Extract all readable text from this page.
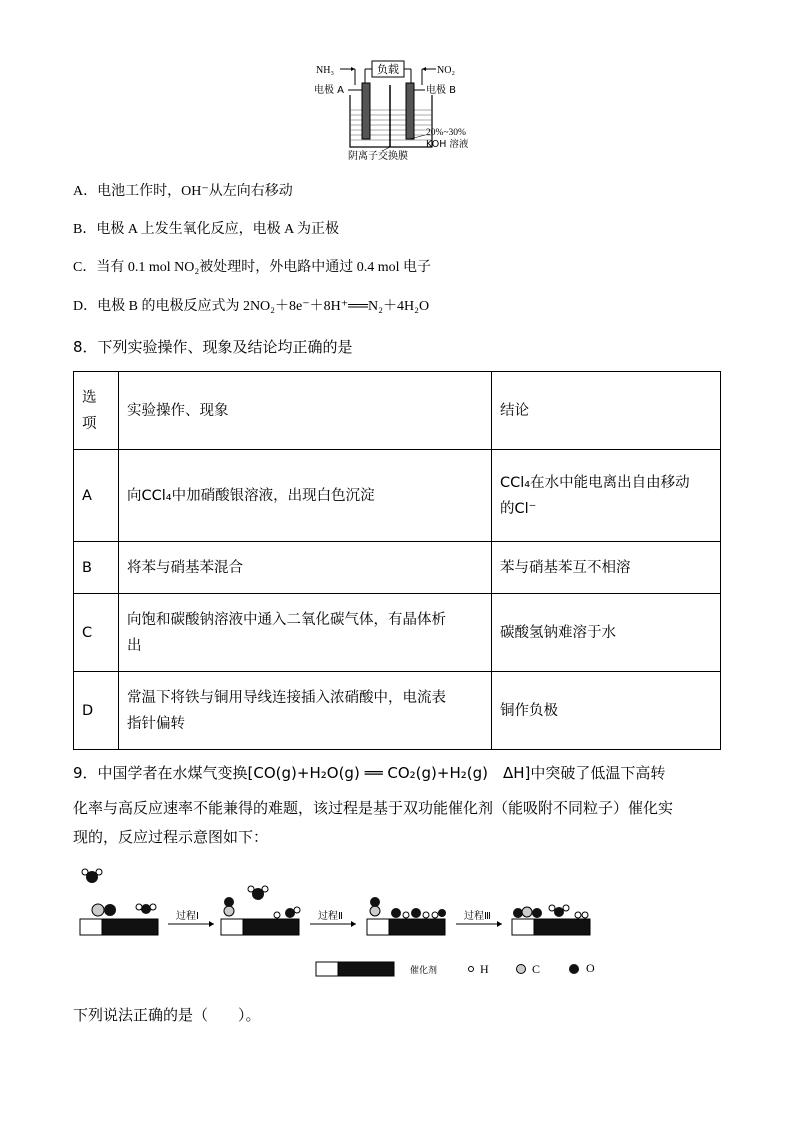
负载
NH₃	NO₂
电极 A	电极 B
20%~30%
KOH 溶液
阴离子交换膜
A．电池工作时，OH⁻从左向右移动
B．电极 A 上发生氧化反应，电极 A 为正极
C．当有 0.1 mol NO₂被处理时，外电路中通过 0.4 mol 电子
D．电极 B 的电极反应式为 2NO₂＋8e⁻＋8H⁺══N₂＋4H₂O
8．下列实验操作、现象及结论均正确的是
选
项	实验操作、现象	结论
A	向CCl₄中加硝酸银溶液，出现白色沉淀	CCl₄在水中能电离出自由移动
的Cl⁻

B	将苯与硝基苯混合	苯与硝基苯互不相溶
C	向饱和碳酸钠溶液中通入二氧化碳气体，有晶体析
出	碳酸氢钠难溶于水
D	常温下将铁与铜用导线连接插入浓硝酸中，电流表
指针偏转	铜作负极
9．中国学者在水煤气变换[CO(g)+H₂O(g) ══ CO₂(g)+H₂(g)　ΔH]中突破了低温下高转
化率与高反应速率不能兼得的难题，该过程是基于双功能催化剂（能吸附不同粒子）催化实
现的，反应过程示意图如下：
过程Ⅰ	过程Ⅱ	过程Ⅲ
催化剂	H	C	O
下列说法正确的是（　　）。
